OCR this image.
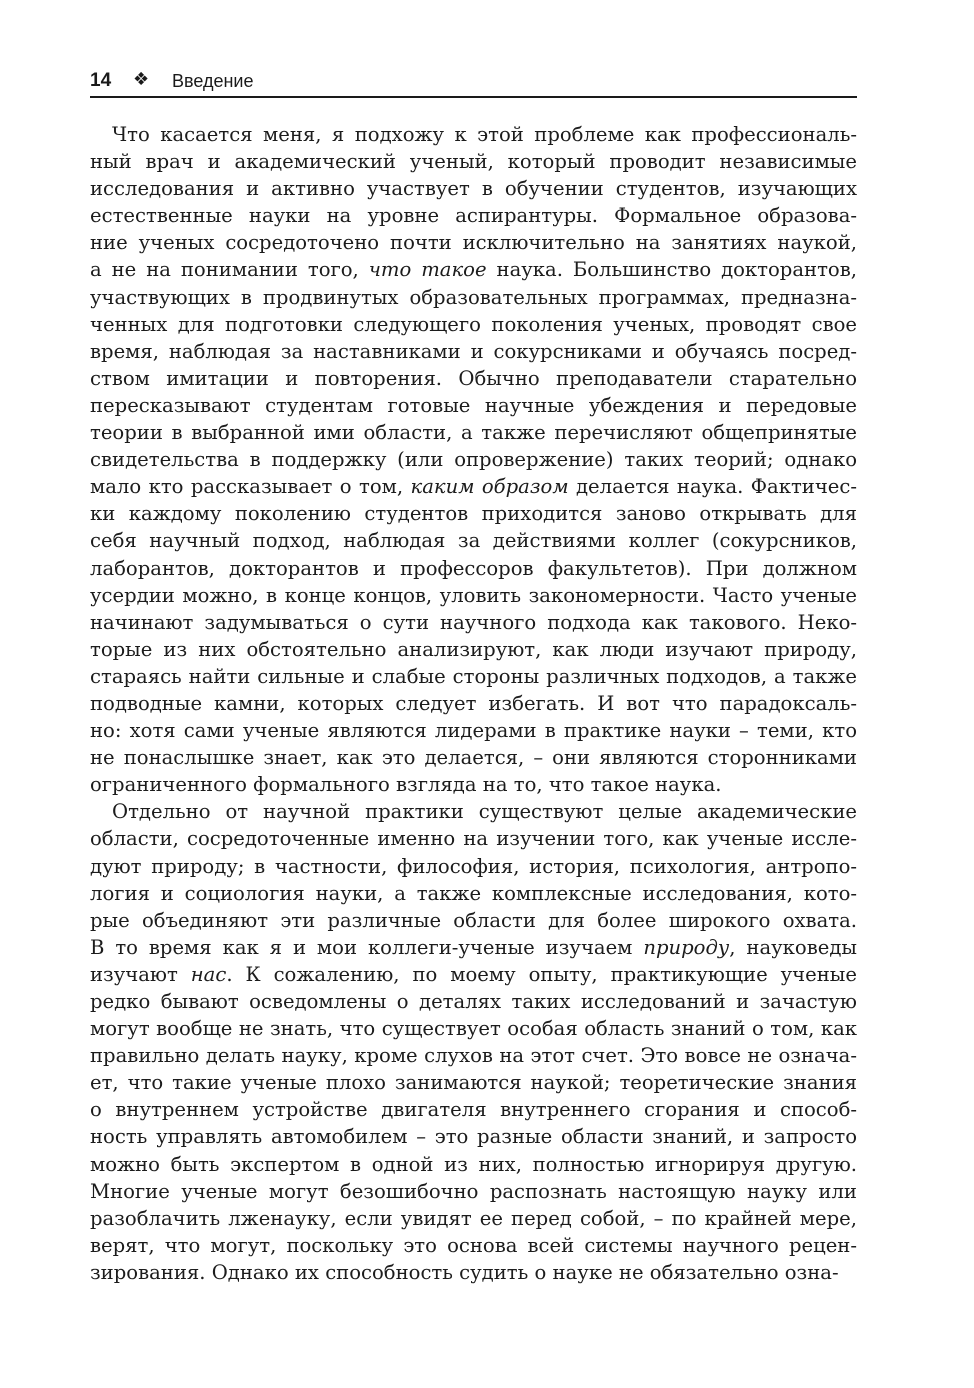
14 ❖ Введение
Что касается меня, я подхожу к этой проблеме как профессиональ-
ный врач и академический ученый, который проводит независимые
исследования и активно участвует в обучении студентов, изучающих
естественные науки на уровне аспирантуры. Формальное образова-
ние ученых сосредоточено почти исключительно на занятиях наукой,
а не на понимании того, что такое наука. Большинство докторантов,
участвующих в продвинутых образовательных программах, предназна-
ченных для подготовки следующего поколения ученых, проводят свое
время, наблюдая за наставниками и сокурсниками и обучаясь посред-
ством имитации и повторения. Обычно преподаватели старательно
пересказывают студентам готовые научные убеждения и передовые
теории в выбранной ими области, а также перечисляют общепринятые
свидетельства в поддержку (или опровержение) таких теорий; однако
мало кто рассказывает о том, каким образом делается наука. Фактичес-
ки каждому поколению студентов приходится заново открывать для
себя научный подход, наблюдая за действиями коллег (сокурсников,
лаборантов, докторантов и профессоров факультетов). При должном
усердии можно, в конце концов, уловить закономерности. Часто ученые
начинают задумываться о сути научного подхода как такового. Неко-
торые из них обстоятельно анализируют, как люди изучают природу,
стараясь найти сильные и слабые стороны различных подходов, а также
подводные камни, которых следует избегать. И вот что парадоксаль-
но: хотя сами ученые являются лидерами в практике науки – теми, кто
не понаслышке знает, как это делается, – они являются сторонниками
ограниченного формального взгляда на то, что такое наука.
Отдельно от научной практики существуют целые академические
области, сосредоточенные именно на изучении того, как ученые иссле-
дуют природу; в частности, философия, история, психология, антропо-
логия и социология науки, а также комплексные исследования, кото-
рые объединяют эти различные области для более широкого охвата.
В то время как я и мои коллеги-ученые изучаем природу, науковеды
изучают нас. К сожалению, по моему опыту, практикующие ученые
редко бывают осведомлены о деталях таких исследований и зачастую
могут вообще не знать, что существует особая область знаний о том, как
правильно делать науку, кроме слухов на этот счет. Это вовсе не означа-
ет, что такие ученые плохо занимаются наукой; теоретические знания
о внутреннем устройстве двигателя внутреннего сгорания и способ-
ность управлять автомобилем – это разные области знаний, и запросто
можно быть экспертом в одной из них, полностью игнорируя другую.
Многие ученые могут безошибочно распознать настоящую науку или
разоблачить лженауку, если увидят ее перед собой, – по крайней мере,
верят, что могут, поскольку это основа всей системы научного рецен-
зирования. Однако их способность судить о науке не обязательно озна-
